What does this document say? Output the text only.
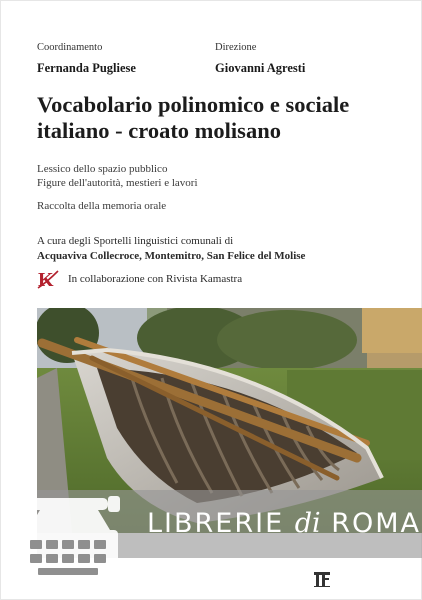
Coordinamento
Fernanda Pugliese
Direzione
Giovanni Agresti
Vocabolario polinomico e sociale
italiano - croato molisano
Lessico dello spazio pubblico
Figure dell'autorità, mestieri e lavori
Raccolta della memoria orale
A cura degli Sportelli linguistici comunali di
Acquaviva Collecroce, Montemitro, San Felice del Molise
K In collaborazione con Rivista Kamastra
LIBRERIE di ROMA
